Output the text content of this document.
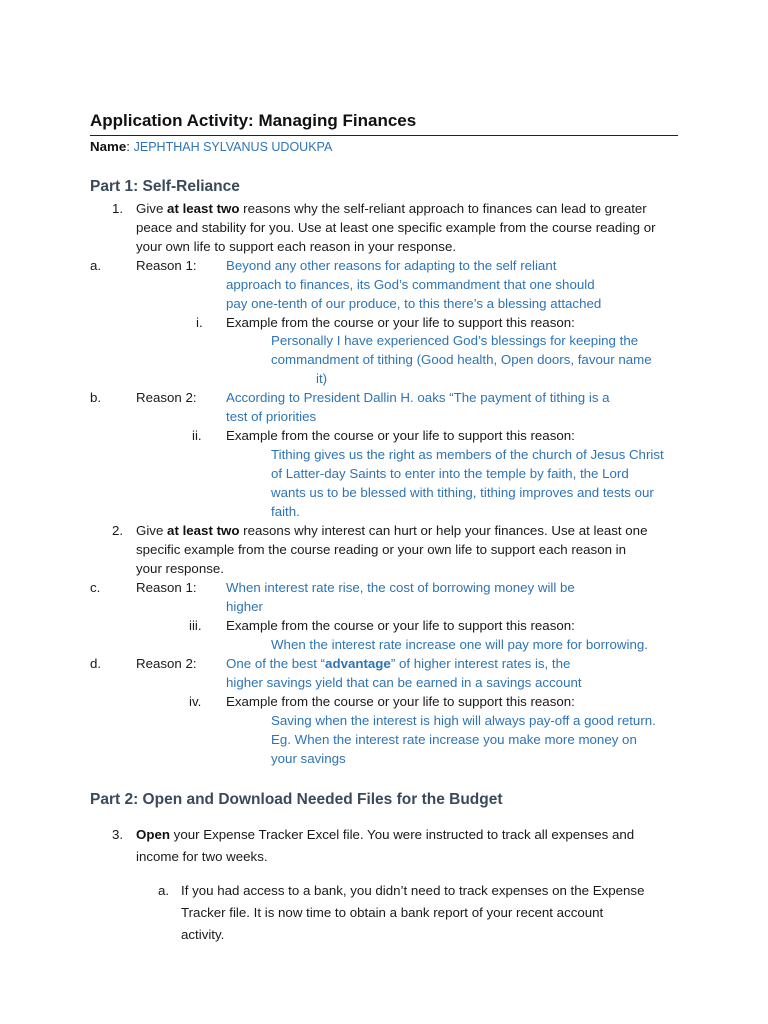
Application Activity: Managing Finances
Name: JEPHTHAH SYLVANUS UDOUKPA
Part 1: Self-Reliance
1. Give at least two reasons why the self-reliant approach to finances can lead to greater
peace and stability for you. Use at least one specific example from the course reading or
your own life to support each reason in your response.
a.	Reason 1: Beyond any other reasons for adapting to the self reliant
approach to finances, its God’s commandment that one should
pay one-tenth of our produce, to this there’s a blessing attached
i. Example from the course or your life to support this reason:
Personally I have experienced God’s blessings for keeping the
commandment of tithing (Good health, Open doors, favour name
it)
b.	Reason 2: According to President Dallin H. oaks “The payment of tithing is a
test of priorities
ii. Example from the course or your life to support this reason:
Tithing gives us the right as members of the church of Jesus Christ
of Latter-day Saints to enter into the temple by faith, the Lord
wants us to be blessed with tithing, tithing improves and tests our
faith.
2. Give at least two reasons why interest can hurt or help your finances. Use at least one
specific example from the course reading or your own life to support each reason in
your response.
c.	Reason 1: When interest rate rise, the cost of borrowing money will be
higher
iii. Example from the course or your life to support this reason:
When the interest rate increase one will pay more for borrowing.
d.	Reason 2: One of the best “advantage” of higher interest rates is, the
higher savings yield that can be earned in a savings account
iv. Example from the course or your life to support this reason:
Saving when the interest is high will always pay-off a good return.
Eg. When the interest rate increase you make more money on
your savings
Part 2: Open and Download Needed Files for the Budget
3. Open your Expense Tracker Excel file. You were instructed to track all expenses and
income for two weeks.
a. If you had access to a bank, you didn’t need to track expenses on the Expense
Tracker file. It is now time to obtain a bank report of your recent account
activity.
